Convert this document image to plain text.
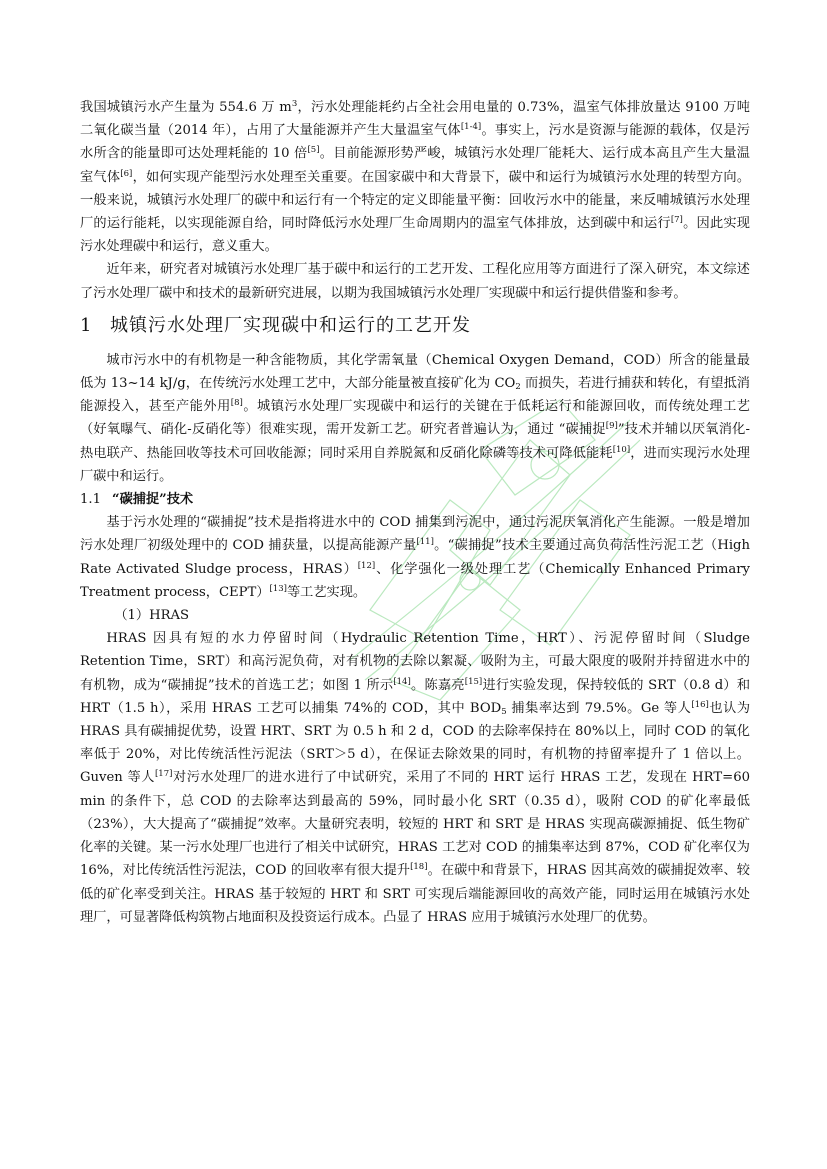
我国城镇污水产生量为 554.6 万 $m^3$，污水处理能耗约占全社会用电量的 0.73%，温室气体排放量达 9100 万吨二氧化碳当量（2014 年），占用了大量能源并产生大量温室气体[1-4]。事实上，污水是资源与能源的载体，仅是污水所含的能量即可达处理耗能的 10 倍[5]。目前能源形势严峻，城镇污水处理厂能耗大、运行成本高且产生大量温室气体[6]，如何实现产能型污水处理至关重要。在国家碳中和大背景下，碳中和运行为城镇污水处理的转型方向。一般来说，城镇污水处理厂的碳中和运行有一个特定的定义即能量平衡：回收污水中的能量，来反哺城镇污水处理厂的运行能耗，以实现能源自给，同时降低污水处理厂生命周期内的温室气体排放，达到碳中和运行[7]。因此实现污水处理碳中和运行，意义重大。

近年来，研究者对城镇污水处理厂基于碳中和运行的工艺开发、工程化应用等方面进行了深入研究，本文综述了污水处理厂碳中和技术的最新研究进展，以期为我国城镇污水处理厂实现碳中和运行提供借鉴和参考。

1 城镇污水处理厂实现碳中和运行的工艺开发

城市污水中的有机物是一种含能物质，其化学需氧量（Chemical Oxygen Demand，COD）所含的能量最低为 13~14 kJ/g，在传统污水处理工艺中，大部分能量被直接矿化为 $CO_2$ 而损失，若进行捕获和转化，有望抵消能源投入，甚至产能外用[8]。城镇污水处理厂实现碳中和运行的关键在于低耗运行和能源回收，而传统处理工艺（好氧曝气、硝化-反硝化等）很难实现，需开发新工艺。研究者普遍认为，通过 “碳捕捉[9]”技术并辅以厌氧消化-热电联产、热能回收等技术可回收能源；同时采用自养脱氮和反硝化除磷等技术可降低能耗[10]，进而实现污水处理厂碳中和运行。

1.1 “碳捕捉”技术

基于污水处理的“碳捕捉”技术是指将进水中的 COD 捕集到污泥中，通过污泥厌氧消化产生能源。一般是增加污水处理厂初级处理中的 COD 捕获量，以提高能源产量[11]。“碳捕捉”技术主要通过高负荷活性污泥工艺（High Rate Activated Sludge process，HRAS）[12]、化学强化一级处理工艺（Chemically Enhanced Primary Treatment process，CEPT）[13]等工艺实现。

（1）HRAS

HRAS 因具有短的水力停留时间（Hydraulic Retention Time，HRT）、污泥停留时间（Sludge Retention Time，SRT）和高污泥负荷，对有机物的去除以絮凝、吸附为主，可最大限度的吸附并持留进水中的有机物，成为“碳捕捉”技术的首选工艺；如图 1 所示[14]。陈嘉亮[15]进行实验发现，保持较低的 SRT（0.8 d）和 HRT（1.5 h），采用 HRAS 工艺可以捕集 74%的 COD，其中 $BOD_5$ 捕集率达到 79.5%。Ge 等人[16]也认为 HRAS 具有碳捕捉优势，设置 HRT、SRT 为 0.5 h 和 2 d，COD 的去除率保持在 80%以上，同时 COD 的氧化率低于 20%，对比传统活性污泥法（SRT＞5 d），在保证去除效果的同时，有机物的持留率提升了 1 倍以上。Guven 等人[17]对污水处理厂的进水进行了中试研究，采用了不同的 HRT 运行 HRAS 工艺，发现在 HRT=60 min 的条件下，总 COD 的去除率达到最高的 59%，同时最小化 SRT（0.35 d），吸附 COD 的矿化率最低（23%），大大提高了“碳捕捉”效率。大量研究表明，较短的 HRT 和 SRT 是 HRAS 实现高碳源捕捉、低生物矿化率的关键。某一污水处理厂也进行了相关中试研究，HRAS 工艺对 COD 的捕集率达到 87%，COD 矿化率仅为 16%，对比传统活性污泥法，COD 的回收率有很大提升[18]。在碳中和背景下，HRAS 因其高效的碳捕捉效率、较低的矿化率受到关注。HRAS 基于较短的 HRT 和 SRT 可实现后端能源回收的高效产能，同时运用在城镇污水处理厂，可显著降低构筑物占地面积及投资运行成本。凸显了 HRAS 应用于城镇污水处理厂的优势。
